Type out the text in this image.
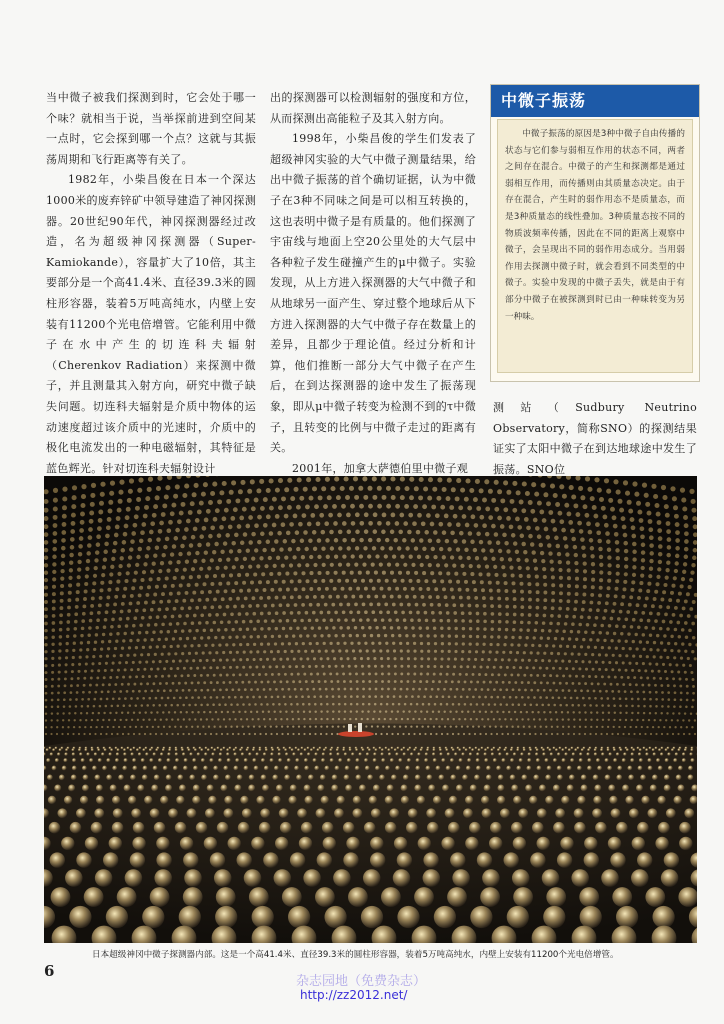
当中微子被我们探测到时，它会处于哪一个味？就相当于说，当举探前进到空间某一点时，它会探到哪一个点？这就与其振荡周期和飞行距离等有关了。

1982年，小柴昌俊在日本一个深达1000米的废弃锌矿中领导建造了神冈探测器。20世纪90年代，神冈探测器经过改造，名为超级神冈探测器（Super-Kamiokande），容量扩大了10倍，其主要部分是一个高41.4米、直径39.3米的圆柱形容器，装着5万吨高纯水，内壁上安装有11200个光电倍增管。它能利用中微子在水中产生的切连科夫辐射（Cherenkov Radiation）来探测中微子，并且测量其入射方向，研究中微子缺失问题。切连科夫辐射是介质中物体的运动速度超过该介质中的光速时，介质中的极化电流发出的一种电磁辐射，其特征是蓝色辉光。针对切连科夫辐射设计

出的探测器可以检测辐射的强度和方位，从而探测出高能粒子及其入射方向。

1998年，小柴昌俊的学生们发表了超级神冈实验的大气中微子测量结果，给出中微子振荡的首个确切证据，认为中微子在3种不同味之间是可以相互转换的，这也表明中微子是有质量的。他们探测了宇宙线与地面上空20公里处的大气层中各种粒子发生碰撞产生的μ中微子。实验发现，从上方进入探测器的大气中微子和从地球另一面产生、穿过整个地球后从下方进入探测器的大气中微子存在数量上的差异，且都少于理论值。经过分析和计算，他们推断一部分大气中微子在产生后，在到达探测器的途中发生了振荡现象，即从μ中微子转变为检测不到的τ中微子，且转变的比例与中微子走过的距离有关。

2001年，加拿大萨德伯里中微子观

中微子振荡
中微子振荡的原因是3种中微子自由传播的状态与它们参与弱相互作用的状态不同，两者之间存在混合。中微子的产生和探测都是通过弱相互作用，而传播则由其质量态决定。由于存在混合，产生时的弱作用态不是质量态，而是3种质量态的线性叠加。3种质量态按不同的物质波频率传播，因此在不同的距离上观察中微子，会呈现出不同的弱作用态成分。当用弱作用去探测中微子时，就会看到不同类型的中微子。实验中发现的中微子丢失，就是由于有部分中微子在被探测到时已由一种味转变为另一种味。

测站（Sudbury Neutrino Observatory，简称SNO）的探测结果证实了太阳中微子在到达地球途中发生了振荡。SNO位

日本超级神冈中微子探测器内部。这是一个高41.4米、直径39.3米的圆柱形容器，装着5万吨高纯水，内壁上安装有11200个光电倍增管。
6
杂志园地（免费杂志）
http://zz2012.net/
